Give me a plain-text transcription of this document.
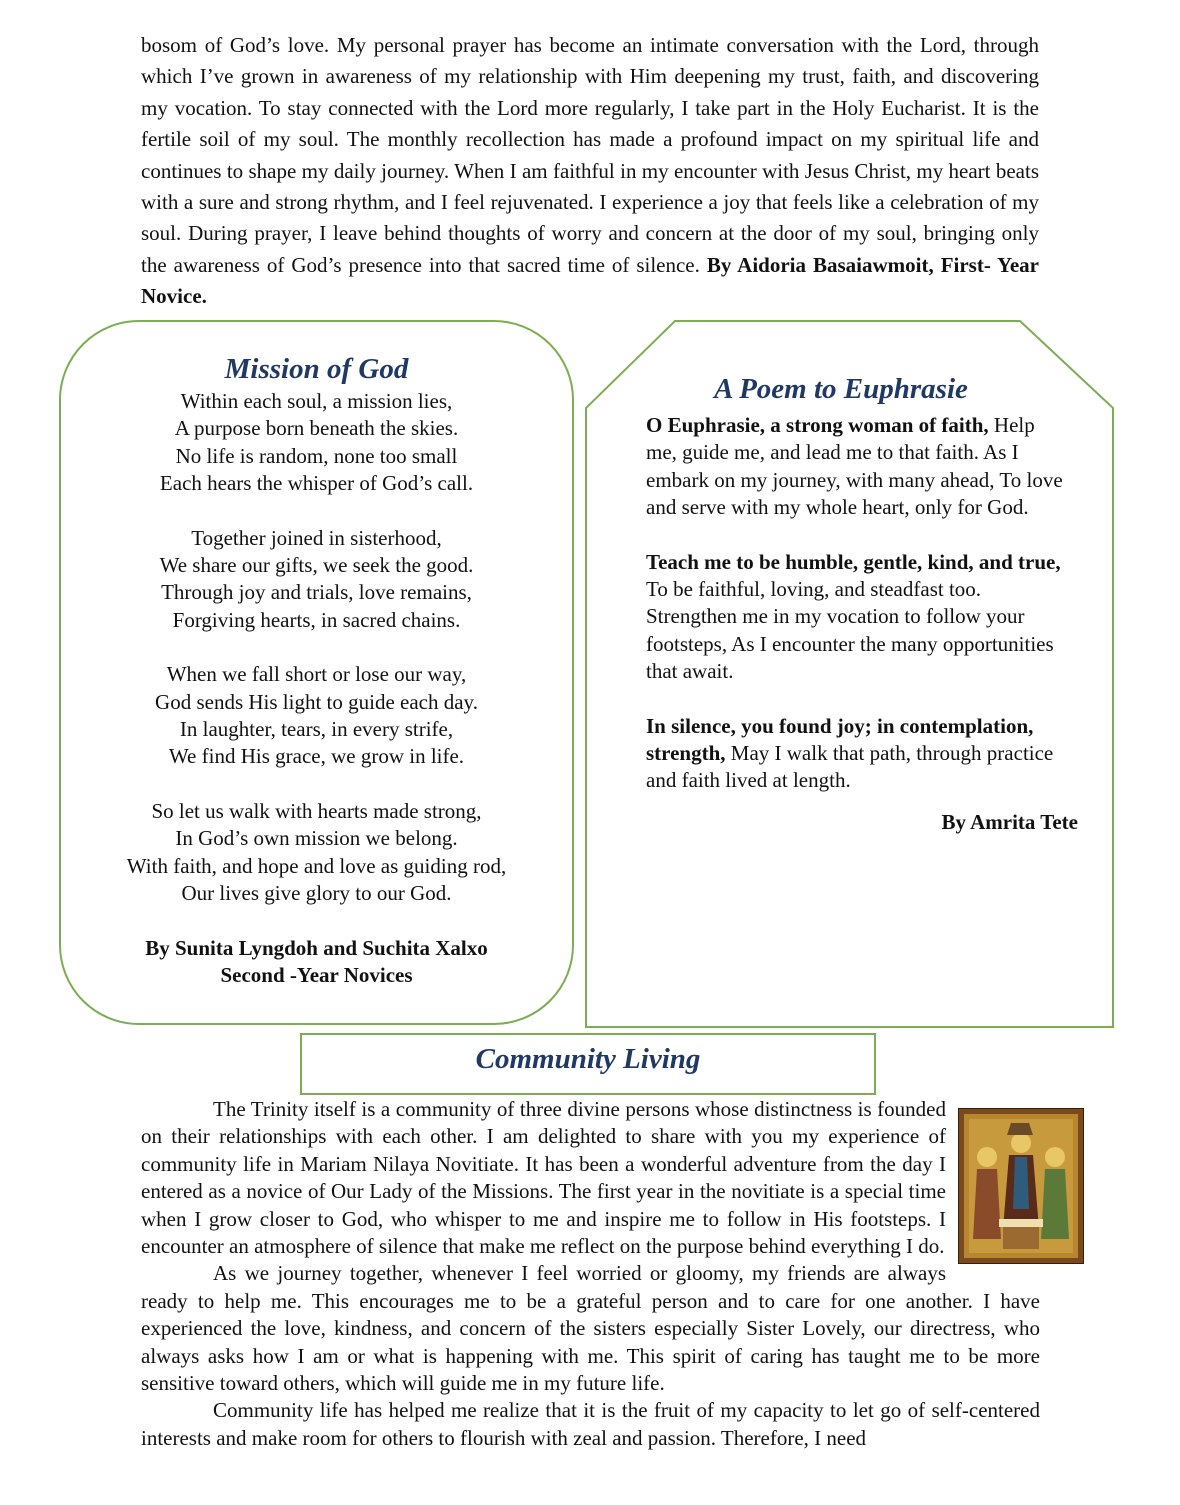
bosom of God’s love. My personal prayer has become an intimate conversation with the Lord, through which I’ve grown in awareness of my relationship with Him deepening my trust, faith, and discovering my vocation. To stay connected with the Lord more regularly, I take part in the Holy Eucharist. It is the fertile soil of my soul. The monthly recollection has made a profound impact on my spiritual life and continues to shape my daily journey. When I am faithful in my encounter with Jesus Christ, my heart beats with a sure and strong rhythm, and I feel rejuvenated. I experience a joy that feels like a celebration of my soul. During prayer, I leave behind thoughts of worry and concern at the door of my soul, bringing only the awareness of God’s presence into that sacred time of silence. By Aidoria Basaiawmoit, First- Year Novice.
Mission of God
Within each soul, a mission lies,
A purpose born beneath the skies.
No life is random, none too small
Each hears the whisper of God’s call.
Together joined in sisterhood,
We share our gifts, we seek the good.
Through joy and trials, love remains,
Forgiving hearts, in sacred chains.
When we fall short or lose our way,
God sends His light to guide each day.
In laughter, tears, in every strife,
We find His grace, we grow in life.
So let us walk with hearts made strong,
In God’s own mission we belong.
With faith, and hope and love as guiding rod,
Our lives give glory to our God.
By Sunita Lyngdoh and Suchita Xalxo
Second -Year Novices
A Poem to Euphrasie
O Euphrasie, a strong woman of faith, Help me, guide me, and lead me to that faith. As I embark on my journey, with many ahead, To love and serve with my whole heart, only for God.
Teach me to be humble, gentle, kind, and true, To be faithful, loving, and steadfast too. Strengthen me in my vocation to follow your footsteps, As I encounter the many opportunities that await.
In silence, you found joy; in contemplation, strength, May I walk that path, through practice and faith lived at length.
By Amrita Tete
Community Living

The Trinity itself is a community of three divine persons whose distinctness is founded on their relationships with each other. I am delighted to share with you my experience of community life in Mariam Nilaya Novitiate. It has been a wonderful adventure from the day I entered as a novice of Our Lady of the Missions. The first year in the novitiate is a special time when I grow closer to God, who whisper to me and inspire me to follow in His footsteps. I encounter an atmosphere of silence that make me reflect on the purpose behind everything I do.

As we journey together, whenever I feel worried or gloomy, my friends are always ready to help me. This encourages me to be a grateful person and to care for one another. I have experienced the love, kindness, and concern of the sisters especially Sister Lovely, our directress, who always asks how I am or what is happening with me. This spirit of caring has taught me to be more sensitive toward others, which will guide me in my future life.

Community life has helped me realize that it is the fruit of my capacity to let go of self-centered interests and make room for others to flourish with zeal and passion. Therefore, I need
